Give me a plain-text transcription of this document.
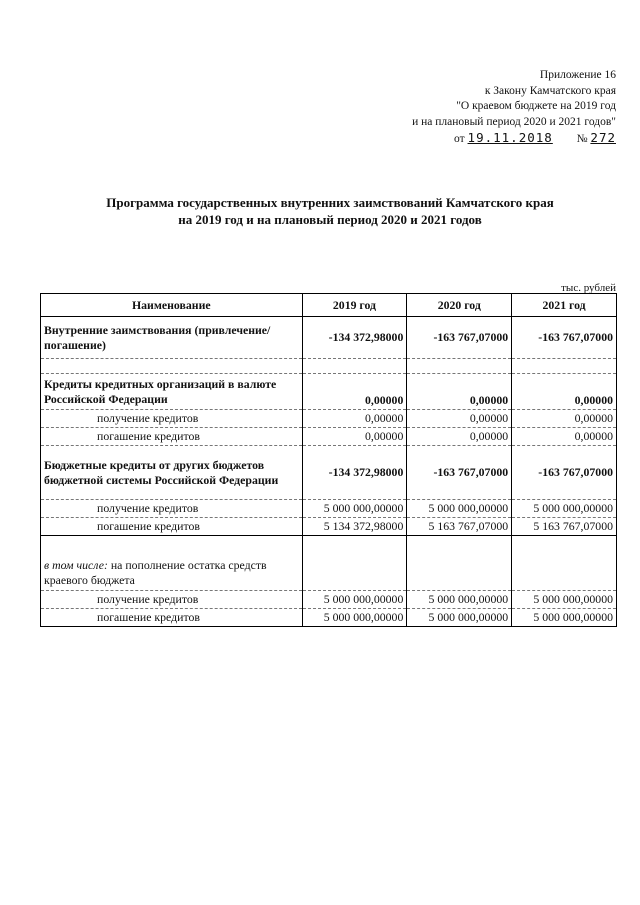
Приложение 16
к Закону Камчатского края
"О краевом бюджете на 2019 год
и на плановый период 2020 и 2021 годов"
от 19.11.2018 № 272
Программа государственных внутренних заимствований Камчатского края
на 2019 год и на плановый период 2020 и 2021 годов
тыс. рублей
Наименование	2019 год	2020 год	2021 год
Внутренние заимствования (привлечение/погашение)	-134 372,98000	-163 767,07000	-163 767,07000

Кредиты кредитных организаций в валюте Российской Федерации	0,00000	0,00000	0,00000
получение кредитов	0,00000	0,00000	0,00000
погашение кредитов	0,00000	0,00000	0,00000
Бюджетные кредиты от других бюджетов бюджетной системы Российской Федерации	-134 372,98000	-163 767,07000	-163 767,07000
получение кредитов	5 000 000,00000	5 000 000,00000	5 000 000,00000
погашение кредитов	5 134 372,98000	5 163 767,07000	5 163 767,07000

в том числе: на пополнение остатка средств краевого бюджета			
получение кредитов	5 000 000,00000	5 000 000,00000	5 000 000,00000
погашение кредитов	5 000 000,00000	5 000 000,00000	5 000 000,00000
